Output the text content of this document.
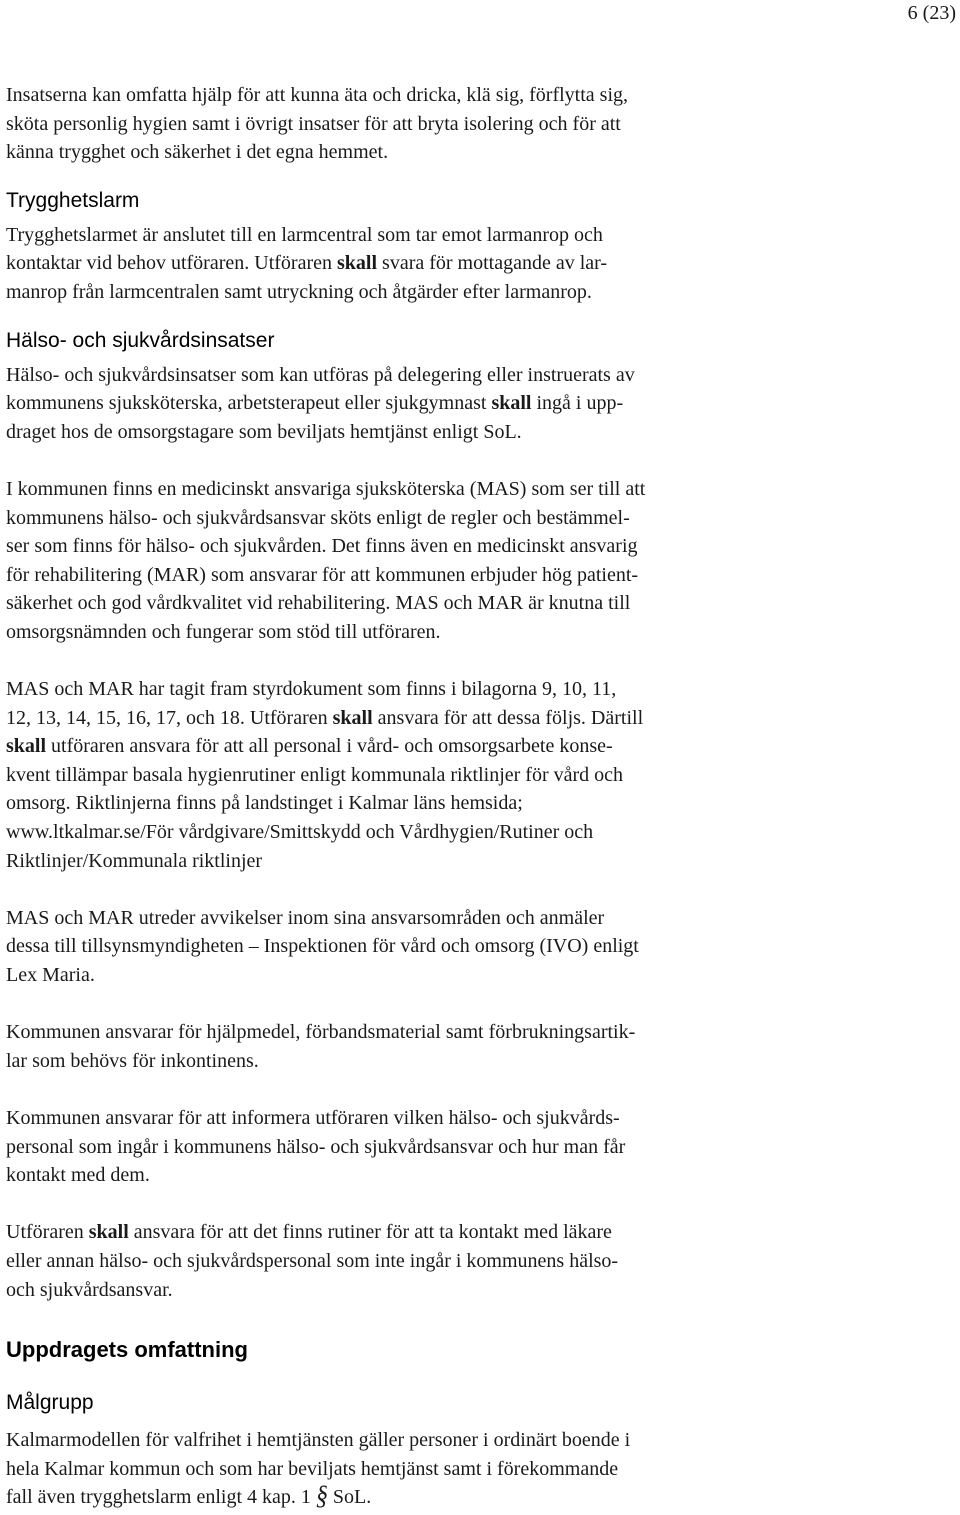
6 (23)

Insatserna kan omfatta hjälp för att kunna äta och dricka, klä sig, förflytta sig,
sköta personlig hygien samt i övrigt insatser för att bryta isolering och för att
känna trygghet och säkerhet i det egna hemmet.

Trygghetslarm

Trygghetslarmet är anslutet till en larmcentral som tar emot larmanrop och
kontaktar vid behov utföraren. Utföraren skall svara för mottagande av lar-
manrop från larmcentralen samt utryckning och åtgärder efter larmanrop.

Hälso- och sjukvårdsinsatser

Hälso- och sjukvårdsinsatser som kan utföras på delegering eller instruerats av
kommunens sjuksköterska, arbetsterapeut eller sjukgymnast skall ingå i upp-
draget hos de omsorgstagare som beviljats hemtjänst enligt SoL.

I kommunen finns en medicinskt ansvariga sjuksköterska (MAS) som ser till att
kommunens hälso- och sjukvårdsansvar sköts enligt de regler och bestämmel-
ser som finns för hälso- och sjukvården. Det finns även en medicinskt ansvarig
för rehabilitering (MAR) som ansvarar för att kommunen erbjuder hög patient-
säkerhet och god vårdkvalitet vid rehabilitering. MAS och MAR är knutna till
omsorgsnämnden och fungerar som stöd till utföraren.

MAS och MAR har tagit fram styrdokument som finns i bilagorna 9, 10, 11,
12, 13, 14, 15, 16, 17, och 18. Utföraren skall ansvara för att dessa följs. Därtill
skall utföraren ansvara för att all personal i vård- och omsorgsarbete konse-
kvent tillämpar basala hygienrutiner enligt kommunala riktlinjer för vård och
omsorg. Riktlinjerna finns på landstinget i Kalmar läns hemsida;
www.ltkalmar.se/För vårdgivare/Smittskydd och Vårdhygien/Rutiner och
Riktlinjer/Kommunala riktlinjer

MAS och MAR utreder avvikelser inom sina ansvarsområden och anmäler
dessa till tillsynsmyndigheten – Inspektionen för vård och omsorg (IVO) enligt
Lex Maria.

Kommunen ansvarar för hjälpmedel, förbandsmaterial samt förbrukningsartik-
lar som behövs för inkontinens.

Kommunen ansvarar för att informera utföraren vilken hälso- och sjukvårds-
personal som ingår i kommunens hälso- och sjukvårdsansvar och hur man får
kontakt med dem.

Utföraren skall ansvara för att det finns rutiner för att ta kontakt med läkare
eller annan hälso- och sjukvårdspersonal som inte ingår i kommunens hälso-
och sjukvårdsansvar.

Uppdragets omfattning
Målgrupp

Kalmarmodellen för valfrihet i hemtjänsten gäller personer i ordinärt boende i
hela Kalmar kommun och som har beviljats hemtjänst samt i förekommande
fall även trygghetslarm enligt 4 kap. 1 § SoL.
